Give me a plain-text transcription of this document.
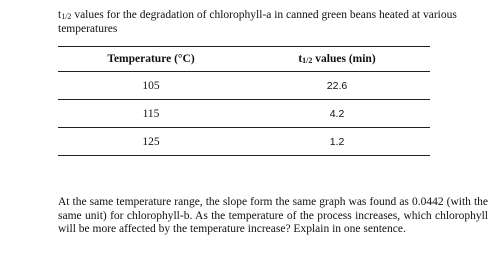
t1/2 values for the degradation of chlorophyll-a in canned green beans heated at various temperatures
Temperature (°C)	t1/2 values (min)
105	22.6
115	4.2
125	1.2
At the same temperature range, the slope form the same graph was found as 0.0442 (with the same unit) for chlorophyll-b. As the temperature of the process increases, which chlorophyll will be more affected by the temperature increase? Explain in one sentence.
